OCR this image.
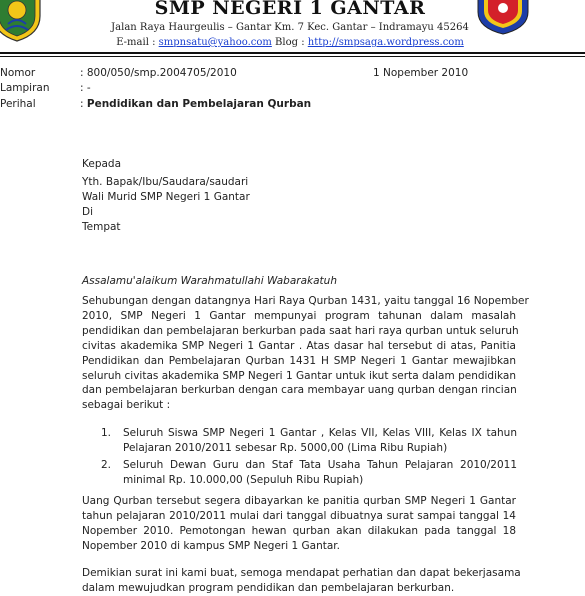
SMP NEGERI 1 GANTAR
Jalan Raya Haurgeulis – Gantar Km. 7 Kec. Gantar – Indramayu 45264
E-mail : smpnsatu@yahoo.com Blog : http://smpsaga.wordpress.com
Nomor	: 800/050/smp.2004705/2010	1 Nopember 2010
Lampiran	: -
Perihal	: Pendidikan dan Pembelajaran Qurban
Kepada
Yth. Bapak/Ibu/Saudara/saudari
Wali Murid SMP Negeri 1 Gantar
Di
Tempat
Assalamu'alaikum Warahmatullahi Wabarakatuh
Sehubungan dengan datangnya Hari Raya Qurban 1431, yaitu tanggal 16 Nopember
2010, SMP Negeri 1 Gantar mempunyai program tahunan dalam masalah
pendidikan dan pembelajaran berkurban pada saat hari raya qurban untuk seluruh
civitas akademika SMP Negeri 1 Gantar . Atas dasar hal tersebut di atas, Panitia
Pendidikan dan Pembelajaran Qurban 1431 H SMP Negeri 1 Gantar mewajibkan
seluruh civitas akademika SMP Negeri 1 Gantar untuk ikut serta dalam pendidikan
dan pembelajaran berkurban dengan cara membayar uang qurban dengan rincian
sebagai berikut :
1. Seluruh Siswa SMP Negeri 1 Gantar , Kelas VII, Kelas VIII, Kelas IX tahun
Pelajaran 2010/2011 sebesar Rp. 5000,00 (Lima Ribu Rupiah)
2. Seluruh Dewan Guru dan Staf Tata Usaha Tahun Pelajaran 2010/2011
minimal Rp. 10.000,00 (Sepuluh Ribu Rupiah)
Uang Qurban tersebut segera dibayarkan ke panitia qurban SMP Negeri 1 Gantar
tahun pelajaran 2010/2011 mulai dari tanggal dibuatnya surat sampai tanggal 14
Nopember 2010. Pemotongan hewan qurban akan dilakukan pada tanggal 18
Nopember 2010 di kampus SMP Negeri 1 Gantar.
Demikian surat ini kami buat, semoga mendapat perhatian dan dapat bekerjasama
dalam mewujudkan program pendidikan dan pembelajaran berkurban.
